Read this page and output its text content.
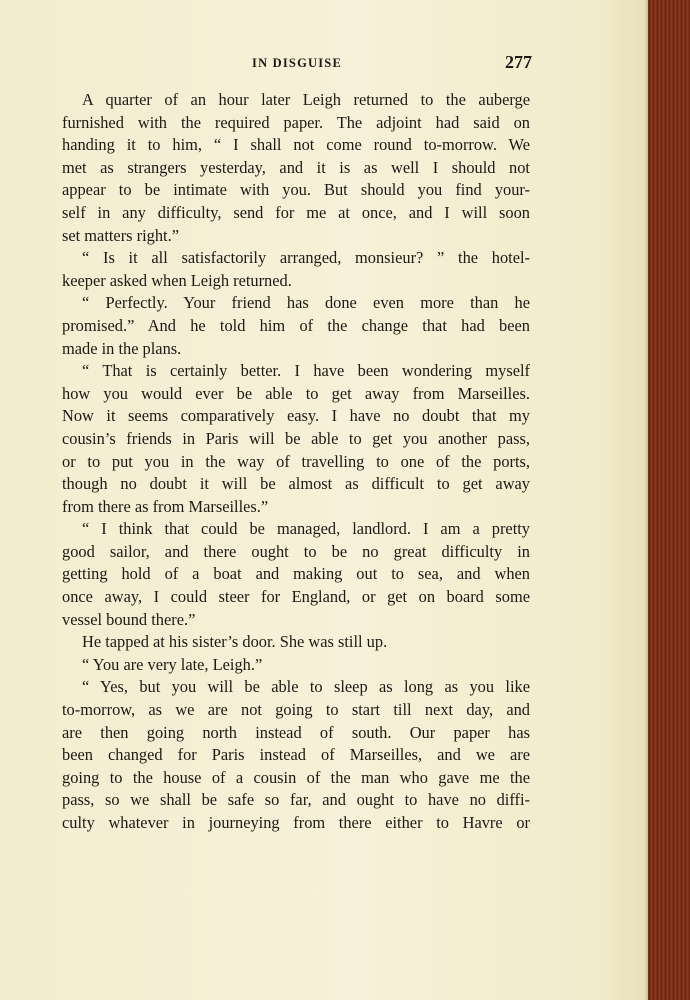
IN DISGUISE	277
A quarter of an hour later Leigh returned to the auberge
furnished with the required paper. The adjoint had said on
handing it to him, “ I shall not come round to-morrow. We
met as strangers yesterday, and it is as well I should not
appear to be intimate with you. But should you find your-
self in any difficulty, send for me at once, and I will soon
set matters right.”
“ Is it all satisfactorily arranged, monsieur? ” the hotel-
keeper asked when Leigh returned.
“ Perfectly. Your friend has done even more than he
promised.” And he told him of the change that had been
made in the plans.
“ That is certainly better. I have been wondering myself
how you would ever be able to get away from Marseilles.
Now it seems comparatively easy. I have no doubt that my
cousin’s friends in Paris will be able to get you another pass,
or to put you in the way of travelling to one of the ports,
though no doubt it will be almost as difficult to get away
from there as from Marseilles.”
“ I think that could be managed, landlord. I am a pretty
good sailor, and there ought to be no great difficulty in
getting hold of a boat and making out to sea, and when
once away, I could steer for England, or get on board some
vessel bound there.”
He tapped at his sister’s door. She was still up.
“ You are very late, Leigh.”
“ Yes, but you will be able to sleep as long as you like
to-morrow, as we are not going to start till next day, and
are then going north instead of south. Our paper has
been changed for Paris instead of Marseilles, and we are
going to the house of a cousin of the man who gave me the
pass, so we shall be safe so far, and ought to have no diffi-
culty whatever in journeying from there either to Havre or
